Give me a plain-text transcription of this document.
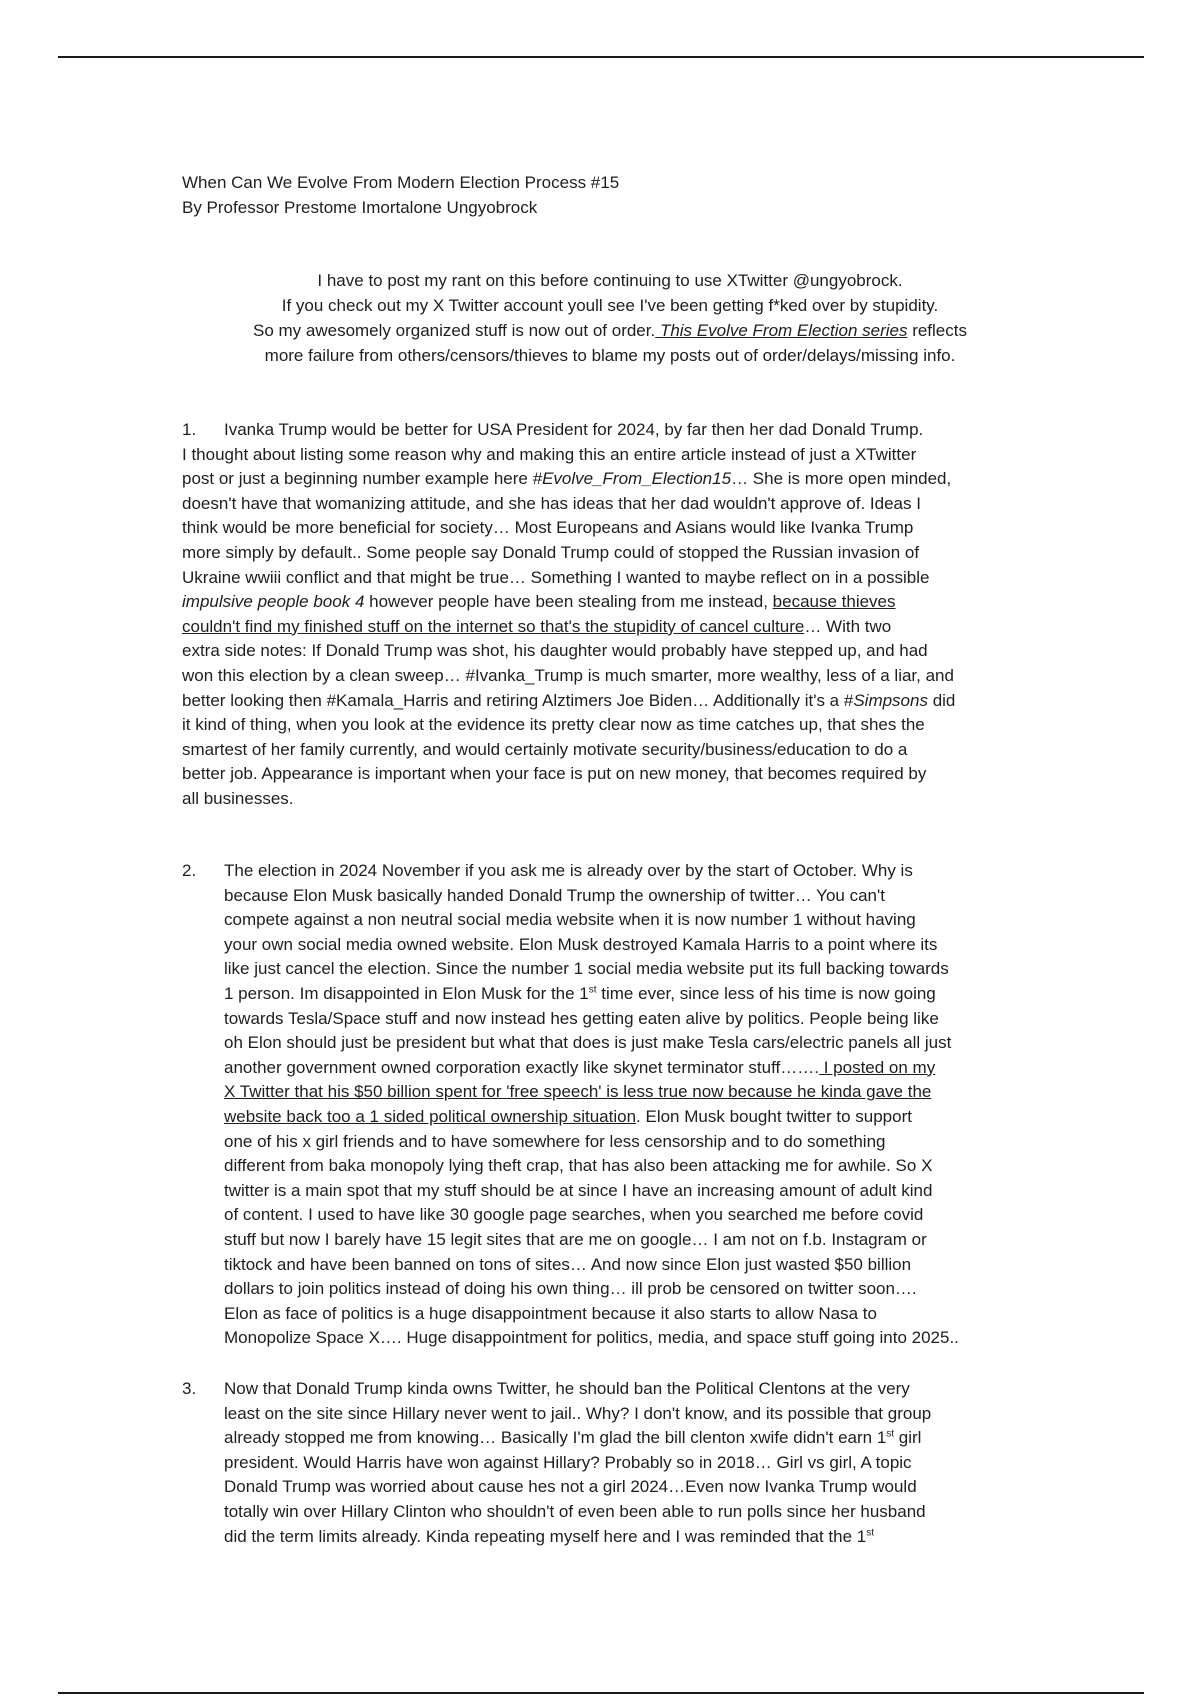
When Can We Evolve From Modern Election Process #15
By Professor Prestome Imortalone Ungyobrock
I have to post my rant on this before continuing to use XTwitter @ungyobrock.
If you check out my X Twitter account youll see I've been getting f*ked over by stupidity.
So my awesomely organized stuff is now out of order. This Evolve From Election series reflects
more failure from others/censors/thieves to blame my posts out of order/delays/missing info.
1.	Ivanka Trump would be better for USA President for 2024, by far then her dad Donald Trump.
I thought about listing some reason why and making this an entire article instead of just a XTwitter
post or just a beginning number example here #Evolve_From_Election15… She is more open minded,
doesn't have that womanizing attitude, and she has ideas that her dad wouldn't approve of. Ideas I
think would be more beneficial for society… Most Europeans and Asians would like Ivanka Trump
more simply by default.. Some people say Donald Trump could of stopped the Russian invasion of
Ukraine wwiii conflict and that might be true… Something I wanted to maybe reflect on in a possible
impulsive people book 4 however people have been stealing from me instead, because thieves
couldn't find my finished stuff on the internet so that's the stupidity of cancel culture… With two
extra side notes: If Donald Trump was shot, his daughter would probably have stepped up, and had
won this election by a clean sweep… #Ivanka_Trump is much smarter, more wealthy, less of a liar, and
better looking then #Kamala_Harris and retiring Alztimers Joe Biden… Additionally it's a #Simpsons did
it kind of thing, when you look at the evidence its pretty clear now as time catches up, that shes the
smartest of her family currently, and would certainly motivate security/business/education to do a
better job. Appearance is important when your face is put on new money, that becomes required by
all businesses.
2. The election in 2024 November if you ask me is already over by the start of October. Why is
because Elon Musk basically handed Donald Trump the ownership of twitter… You can't
compete against a non neutral social media website when it is now number 1 without having
your own social media owned website. Elon Musk destroyed Kamala Harris to a point where its
like just cancel the election. Since the number 1 social media website put its full backing towards
1 person. Im disappointed in Elon Musk for the 1st time ever, since less of his time is now going
towards Tesla/Space stuff and now instead hes getting eaten alive by politics. People being like
oh Elon should just be president but what that does is just make Tesla cars/electric panels all just
another government owned corporation exactly like skynet terminator stuff……. I posted on my
X Twitter that his $50 billion spent for 'free speech' is less true now because he kinda gave the
website back too a 1 sided political ownership situation. Elon Musk bought twitter to support
one of his x girl friends and to have somewhere for less censorship and to do something
different from baka monopoly lying theft crap, that has also been attacking me for awhile. So X
twitter is a main spot that my stuff should be at since I have an increasing amount of adult kind
of content. I used to have like 30 google page searches, when you searched me before covid
stuff but now I barely have 15 legit sites that are me on google… I am not on f.b. Instagram or
tiktock and have been banned on tons of sites… And now since Elon just wasted $50 billion
dollars to join politics instead of doing his own thing… ill prob be censored on twitter soon….
Elon as face of politics is a huge disappointment because it also starts to allow Nasa to
Monopolize Space X…. Huge disappointment for politics, media, and space stuff going into 2025..
3. Now that Donald Trump kinda owns Twitter, he should ban the Political Clentons at the very
least on the site since Hillary never went to jail.. Why? I don't know, and its possible that group
already stopped me from knowing… Basically I'm glad the bill clenton xwife didn't earn 1st girl
president. Would Harris have won against Hillary? Probably so in 2018… Girl vs girl, A topic
Donald Trump was worried about cause hes not a girl 2024…Even now Ivanka Trump would
totally win over Hillary Clinton who shouldn't of even been able to run polls since her husband
did the term limits already. Kinda repeating myself here and I was reminded that the 1st
